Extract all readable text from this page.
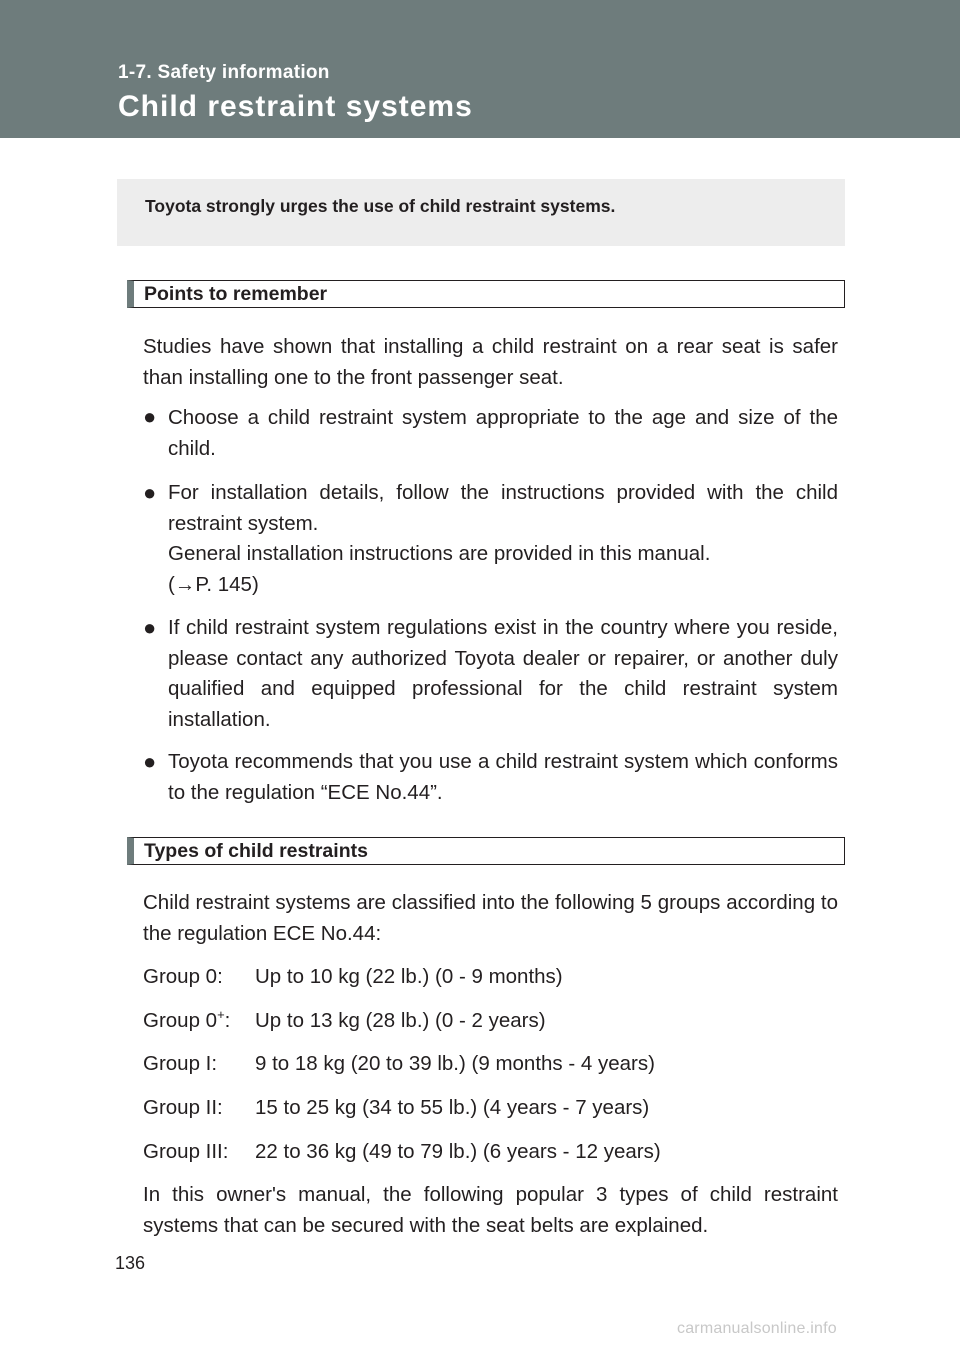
1-7. Safety information
Child restraint systems
Toyota strongly urges the use of child restraint systems.
Points to remember

Studies have shown that installing a child restraint on a rear seat is safer than installing one to the front passenger seat.

● Choose a child restraint system appropriate to the age and size of the child.

● For installation details, follow the instructions provided with the child restraint system.
General installation instructions are provided in this manual.
(→P. 145)
● If child restraint system regulations exist in the country where you reside, please contact any authorized Toyota dealer or repairer, or another duly qualified and equipped professional for the child restraint system installation.

● Toyota recommends that you use a child restraint system which conforms to the regulation “ECE No.44”.

Types of child restraints

Child restraint systems are classified into the following 5 groups according to the regulation ECE No.44:

Group 0: Up to 10 kg (22 lb.) (0 - 9 months)
Group 0+: Up to 13 kg (28 lb.) (0 - 2 years)
Group I: 9 to 18 kg (20 to 39 lb.) (9 months - 4 years)
Group II: 15 to 25 kg (34 to 55 lb.) (4 years - 7 years)
Group III: 22 to 36 kg (49 to 79 lb.) (6 years - 12 years)

In this owner's manual, the following popular 3 types of child restraint systems that can be secured with the seat belts are explained.

136
carmanualsonline.info
